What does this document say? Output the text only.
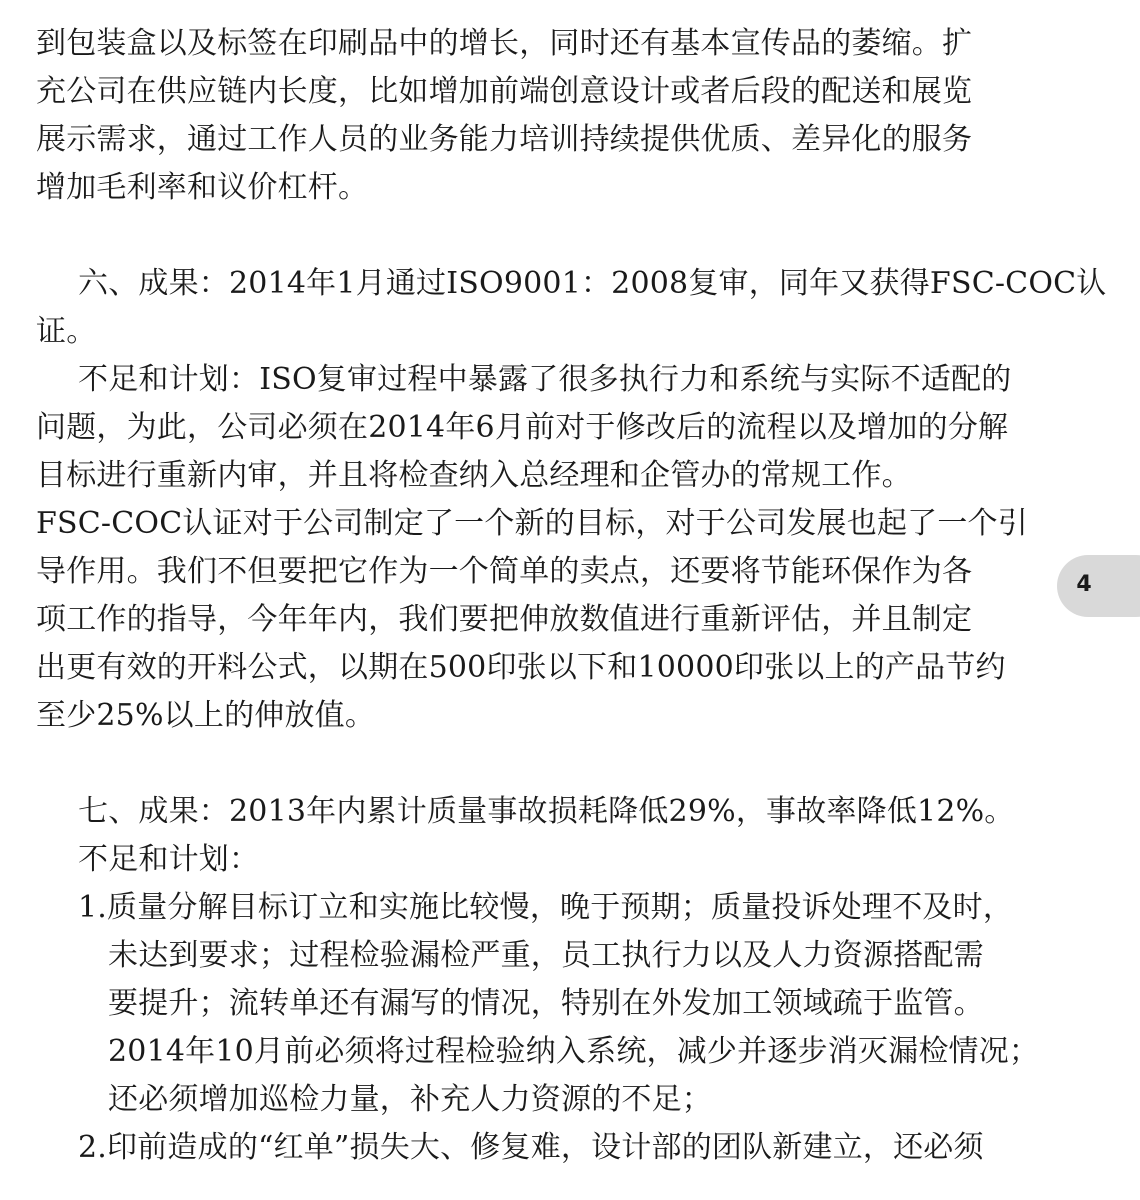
到包装盒以及标签在印刷品中的增长，同时还有基本宣传品的萎缩。扩
充公司在供应链内长度，比如增加前端创意设计或者后段的配送和展览
展示需求，通过工作人员的业务能力培训持续提供优质、差异化的服务
增加毛利率和议价杠杆。
六、成果：2014年1月通过ISO9001：2008复审，同年又获得FSC-COC认
证。
不足和计划：ISO复审过程中暴露了很多执行力和系统与实际不适配的
问题，为此，公司必须在2014年6月前对于修改后的流程以及增加的分解
目标进行重新内审，并且将检查纳入总经理和企管办的常规工作。
FSC-COC认证对于公司制定了一个新的目标，对于公司发展也起了一个引
导作用。我们不但要把它作为一个简单的卖点，还要将节能环保作为各
项工作的指导，今年年内，我们要把伸放数值进行重新评估，并且制定
出更有效的开料公式，以期在500印张以下和10000印张以上的产品节约
至少25%以上的伸放值。
七、成果：2013年内累计质量事故损耗降低29%，事故率降低12%。
不足和计划：
1.质量分解目标订立和实施比较慢，晚于预期；质量投诉处理不及时，
未达到要求；过程检验漏检严重，员工执行力以及人力资源搭配需
要提升；流转单还有漏写的情况，特别在外发加工领域疏于监管。
2014年10月前必须将过程检验纳入系统，减少并逐步消灭漏检情况；
还必须增加巡检力量，补充人力资源的不足；
2.印前造成的“红单”损失大、修复难，设计部的团队新建立，还必须
4
